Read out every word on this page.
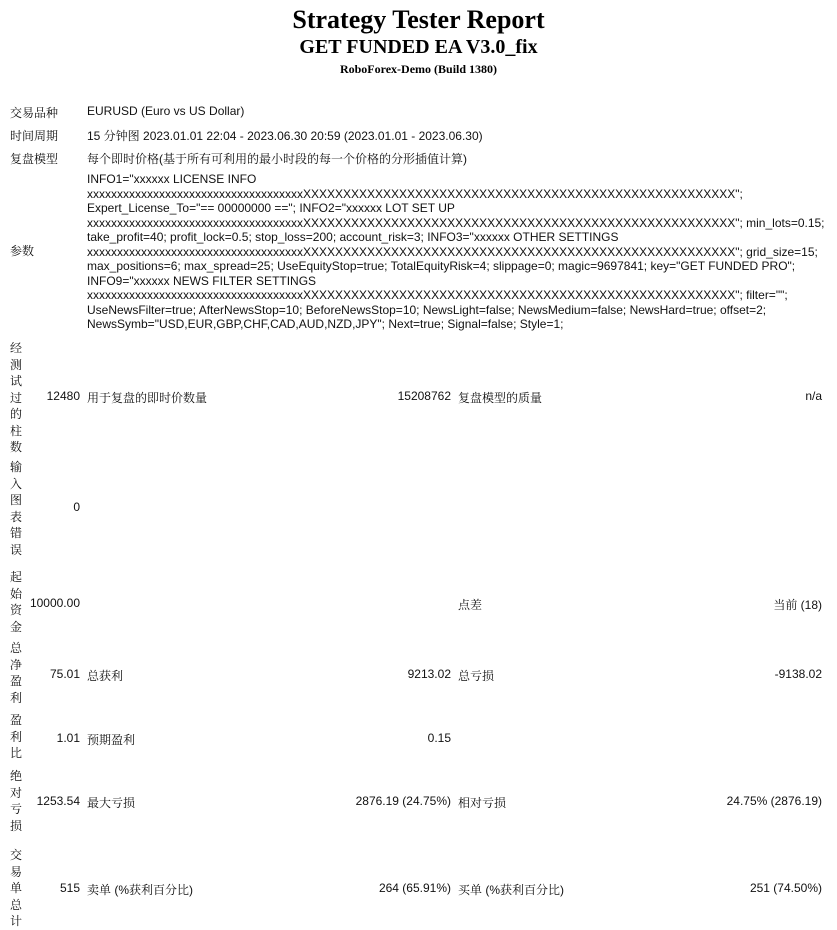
Strategy Tester Report
GET FUNDED EA V3.0_fix
RoboForex-Demo (Build 1380)
交易品种 EURUSD (Euro vs US Dollar)
时间周期 15 分钟图 2023.01.01 22:04 - 2023.06.30 20:59 (2023.01.01 - 2023.06.30)
复盘模型 每个即时价格(基于所有可利用的最小时段的每一个价格的分形插值计算)
参数
INFO1="xxxxxx LICENSE INFO
xxxxxxxxxxxxxxxxxxxxxxxxxxxxxxxxxxxxXXXXXXXXXXXXXXXXXXXXXXXXXXXXXXXXXXXXXXXXXXXXXXXXXXXXXX";
Expert_License_To="== 00000000 =="; INFO2="xxxxxx LOT SET UP
xxxxxxxxxxxxxxxxxxxxxxxxxxxxxxxxxxxxXXXXXXXXXXXXXXXXXXXXXXXXXXXXXXXXXXXXXXXXXXXXXXXXXXXXXX"; min_lots=0.15;
take_profit=40; profit_lock=0.5; stop_loss=200; account_risk=3; INFO3="xxxxxx OTHER SETTINGS
xxxxxxxxxxxxxxxxxxxxxxxxxxxxxxxxxxxxXXXXXXXXXXXXXXXXXXXXXXXXXXXXXXXXXXXXXXXXXXXXXXXXXXXXXX"; grid_size=15;
max_positions=6; max_spread=25; UseEquityStop=true; TotalEquityRisk=4; slippage=0; magic=9697841; key="GET FUNDED PRO";
INFO9="xxxxxx NEWS FILTER SETTINGS
xxxxxxxxxxxxxxxxxxxxxxxxxxxxxxxxxxxxXXXXXXXXXXXXXXXXXXXXXXXXXXXXXXXXXXXXXXXXXXXXXXXXXXXXXX"; filter="";
UseNewsFilter=true; AfterNewsStop=10; BeforeNewsStop=10; NewsLight=false; NewsMedium=false; NewsHard=true; offset=2;
NewsSymb="USD,EUR,GBP,CHF,CAD,AUD,NZD,JPY"; Next=true; Signal=false; Style=1;
经测试过的柱数
12480 用于复盘的即时价数量	15208762 复盘模型的质量	n/a
输入图表错误
0
起始资金
10000.00	点差	当前 (18)
总净盈利
75.01 总获利	9213.02 总亏损	-9138.02
盈利比
1.01 预期盈利	0.15
绝对亏损
1253.54 最大亏损	2876.19 (24.75%) 相对亏损	24.75% (2876.19)
交易单总计
515 卖单 (%获利百分比)	264 (65.91%) 买单 (%获利百分比)	251 (74.50%)
